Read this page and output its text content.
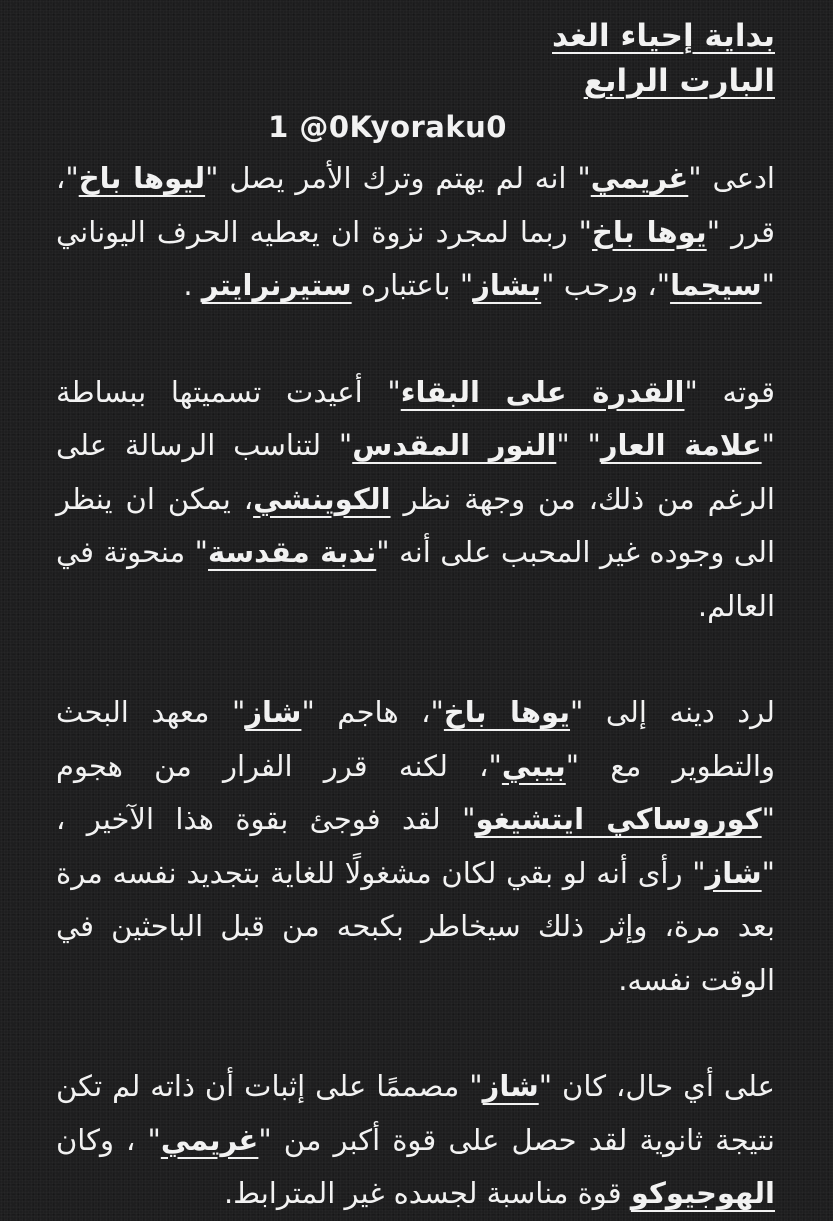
بداية إحياء الغد

البارت الرابع

1 @0Kyoraku0

ادعى "غريمي" انه لم يهتم وترك الأمر يصل "ليوها باخ"، قرر "يوها باخ" ربما لمجرد نزوة ان يعطيه الحرف اليوناني "سيجما"، ورحب "بشاز" باعتباره ستيرنرايتر .

قوته "القدرة على البقاء" أعيدت تسميتها ببساطة "علامة العار" "النور المقدس" لتناسب الرسالة على الرغم من ذلك، من وجهة نظر الكوينشي، يمكن ان ينظر الى وجوده غير المحبب على أنه "ندبة مقدسة" منحوتة في العالم.

لرد دينه إلى "يوها باخ"، هاجم "شاز" معهد البحث والتطوير مع "بيبي"، لكنه قرر الفرار من هجوم "كوروساكي ايتشيغو" لقد فوجئ بقوة هذا الآخير ، "شاز" رأى أنه لو بقي لكان مشغولًا للغاية بتجديد نفسه مرة بعد مرة، وإثر ذلك سيخاطر بكبحه من قبل الباحثين في الوقت نفسه.

على أي حال، كان "شاز" مصممًا على إثبات أن ذاته لم تكن نتيجة ثانوية لقد حصل على قوة أكبر من "غريمي" ، وكان الهوجيوكو قوة مناسبة لجسده غير المترابط.
